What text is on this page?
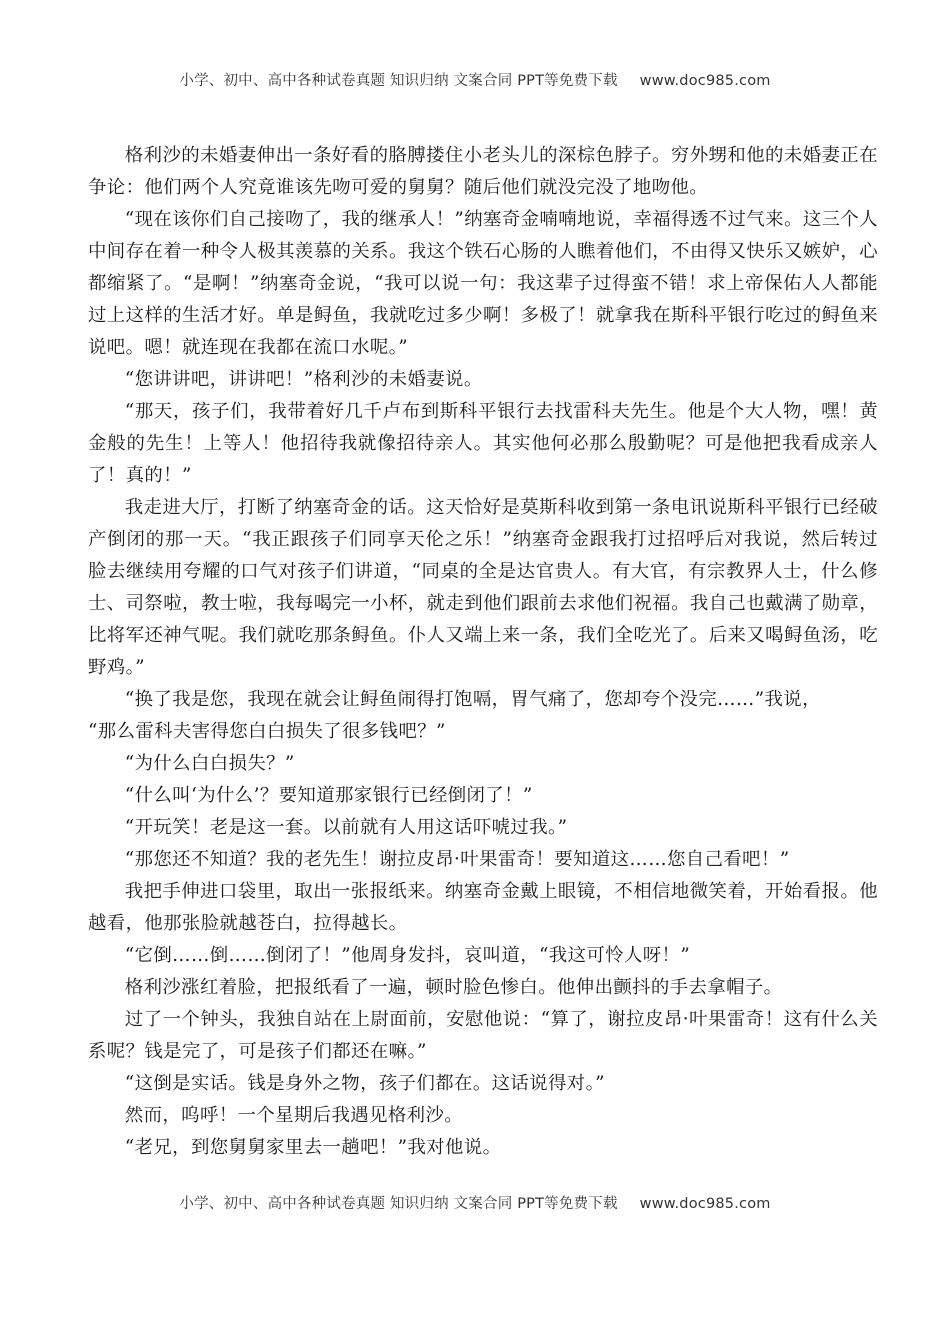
小学、初中、高中各种试卷真题 知识归纳 文案合同 PPT等免费下载 www.doc985.com

格利沙的未婚妻伸出一条好看的胳膊搂住小老头儿的深棕色脖子。穷外甥和他的未婚妻正在争论：他们两个人究竟谁该先吻可爱的舅舅？随后他们就没完没了地吻他。

“现在该你们自己接吻了，我的继承人！”纳塞奇金喃喃地说，幸福得透不过气来。这三个人中间存在着一种令人极其羡慕的关系。我这个铁石心肠的人瞧着他们，不由得又快乐又嫉妒，心都缩紧了。“是啊！”纳塞奇金说，“我可以说一句：我这辈子过得蛮不错！求上帝保佑人人都能过上这样的生活才好。单是鲟鱼，我就吃过多少啊！多极了！就拿我在斯科平银行吃过的鲟鱼来说吧。嗯！就连现在我都在流口水呢。”

“您讲讲吧，讲讲吧！”格利沙的未婚妻说。

“那天，孩子们，我带着好几千卢布到斯科平银行去找雷科夫先生。他是个大人物，嘿！黄金般的先生！上等人！他招待我就像招待亲人。其实他何必那么殷勤呢？可是他把我看成亲人了！真的！”

我走进大厅，打断了纳塞奇金的话。这天恰好是莫斯科收到第一条电讯说斯科平银行已经破产倒闭的那一天。“我正跟孩子们同享天伦之乐！”纳塞奇金跟我打过招呼后对我说，然后转过脸去继续用夸耀的口气对孩子们讲道，“同桌的全是达官贵人。有大官，有宗教界人士，什么修士、司祭啦，教士啦，我每喝完一小杯，就走到他们跟前去求他们祝福。我自己也戴满了勋章，比将军还神气呢。我们就吃那条鲟鱼。仆人又端上来一条，我们全吃光了。后来又喝鲟鱼汤，吃野鸡。”

“换了我是您，我现在就会让鲟鱼闹得打饱嗝，胃气痛了，您却夸个没完……”我说，

“那么雷科夫害得您白白损失了很多钱吧？”

“为什么白白损失？”

“什么叫‘为什么’？要知道那家银行已经倒闭了！”

“开玩笑！老是这一套。以前就有人用这话吓唬过我。”

“那您还不知道？我的老先生！谢拉皮昂·叶果雷奇！要知道这……您自己看吧！”

我把手伸进口袋里，取出一张报纸来。纳塞奇金戴上眼镜，不相信地微笑着，开始看报。他越看，他那张脸就越苍白，拉得越长。

“它倒……倒……倒闭了！”他周身发抖，哀叫道，“我这可怜人呀！”

格利沙涨红着脸，把报纸看了一遍，顿时脸色惨白。他伸出颤抖的手去拿帽子。

过了一个钟头，我独自站在上尉面前，安慰他说：“算了，谢拉皮昂·叶果雷奇！这有什么关系呢？钱是完了，可是孩子们都还在嘛。”

“这倒是实话。钱是身外之物，孩子们都在。这话说得对。”

然而，呜呼！一个星期后我遇见格利沙。

“老兄，到您舅舅家里去一趟吧！”我对他说。

小学、初中、高中各种试卷真题 知识归纳 文案合同 PPT等免费下载 www.doc985.com
